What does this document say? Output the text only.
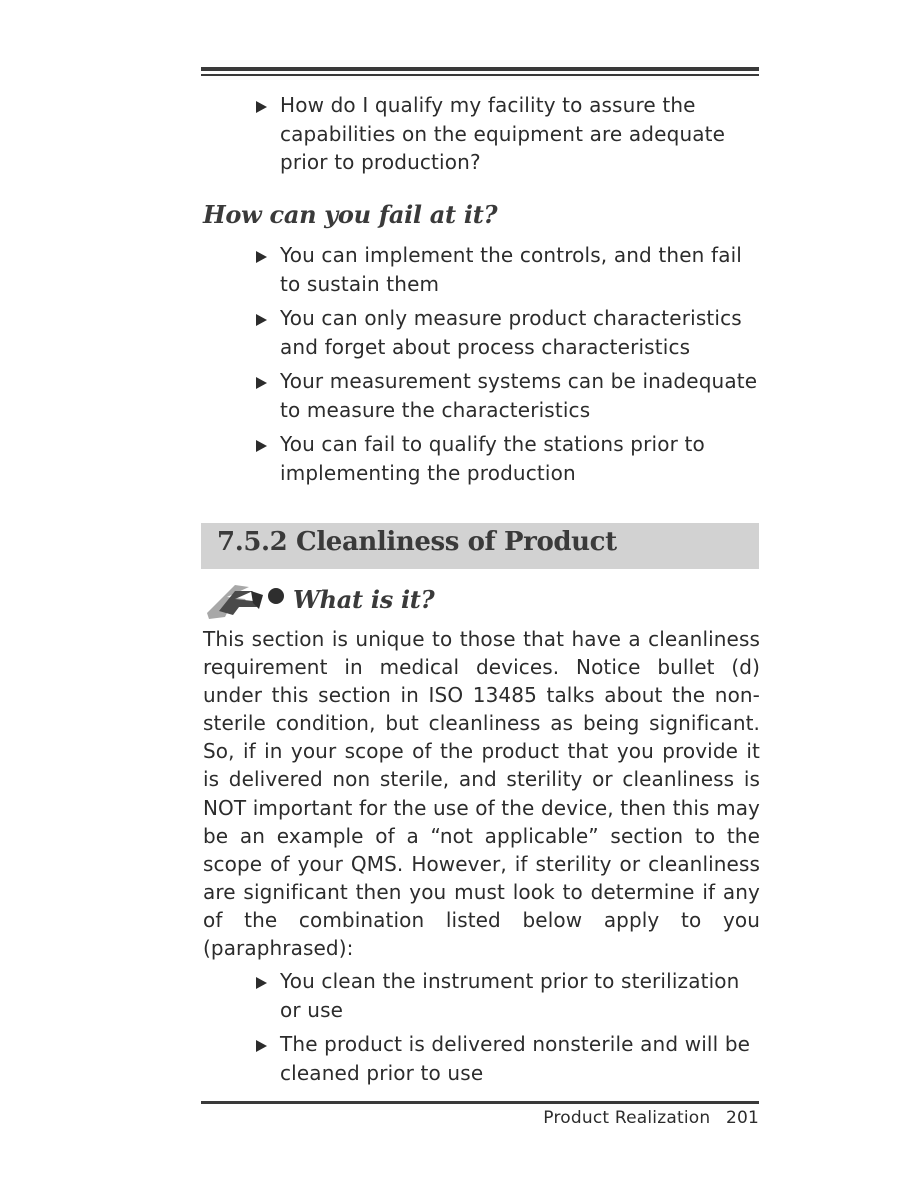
How do I qualify my facility to assure the capabilities on the equipment are adequate prior to production?
How can you fail at it?
You can implement the controls, and then fail to sustain them
You can only measure product characteristics and forget about process characteristics
Your measurement systems can be inadequate to measure the characteristics
You can fail to qualify the stations prior to implementing the production
7.5.2 Cleanliness of Product
What is it?

This section is unique to those that have a cleanliness requirement in medical devices. Notice bullet (d) under this section in ISO 13485 talks about the non-sterile condition, but cleanliness as being significant. So, if in your scope of the product that you provide it is delivered non sterile, and sterility or cleanliness is NOT important for the use of the device, then this may be an example of a “not applicable” section to the scope of your QMS. However, if sterility or cleanliness are significant then you must look to determine if any of the combination listed below apply to you (paraphrased):

You clean the instrument prior to sterilization or use
The product is delivered nonsterile and will be cleaned prior to use
Product Realization 201
